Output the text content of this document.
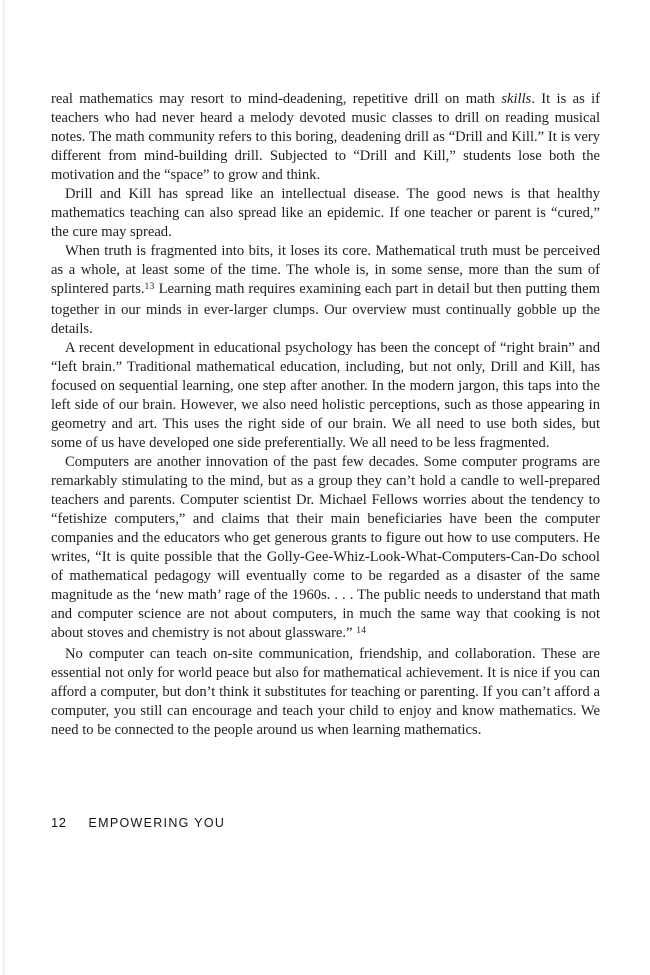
real mathematics may resort to mind-deadening, repetitive drill on math skills. It is as if teachers who had never heard a melody devoted music classes to drill on reading musical notes. The math community refers to this boring, deadening drill as “Drill and Kill.” It is very different from mind-building drill. Subjected to “Drill and Kill,” students lose both the motivation and the “space” to grow and think.

Drill and Kill has spread like an intellectual disease. The good news is that healthy mathematics teaching can also spread like an epidemic. If one teacher or parent is “cured,” the cure may spread.

When truth is fragmented into bits, it loses its core. Mathematical truth must be perceived as a whole, at least some of the time. The whole is, in some sense, more than the sum of splintered parts.$^{13}$ Learning math requires examining each part in detail but then putting them together in our minds in ever-larger clumps. Our overview must continually gobble up the details.

A recent development in educational psychology has been the concept of “right brain” and “left brain.” Traditional mathematical education, including, but not only, Drill and Kill, has focused on sequential learning, one step after another. In the modern jargon, this taps into the left side of our brain. However, we also need holistic perceptions, such as those appearing in geometry and art. This uses the right side of our brain. We all need to use both sides, but some of us have developed one side preferentially. We all need to be less fragmented.

Computers are another innovation of the past few decades. Some computer programs are remarkably stimulating to the mind, but as a group they can’t hold a candle to well-prepared teachers and parents. Computer scientist Dr. Michael Fellows worries about the tendency to “fetishize computers,” and claims that their main beneficiaries have been the computer companies and the educators who get generous grants to figure out how to use computers. He writes, “It is quite possible that the Golly-Gee-Whiz-Look-What-Computers-Can-Do school of mathematical pedagogy will eventually come to be regarded as a disaster of the same magnitude as the ‘new math’ rage of the 1960s. . . . The public needs to understand that math and computer science are not about computers, in much the same way that cooking is not about stoves and chemistry is not about glassware.” $^{14}$

No computer can teach on-site communication, friendship, and collaboration. These are essential not only for world peace but also for mathematical achievement. It is nice if you can afford a computer, but don’t think it substitutes for teaching or parenting. If you can’t afford a computer, you still can encourage and teach your child to enjoy and know mathematics. We need to be connected to the people around us when learning mathematics.

12 EMPOWERING YOU
